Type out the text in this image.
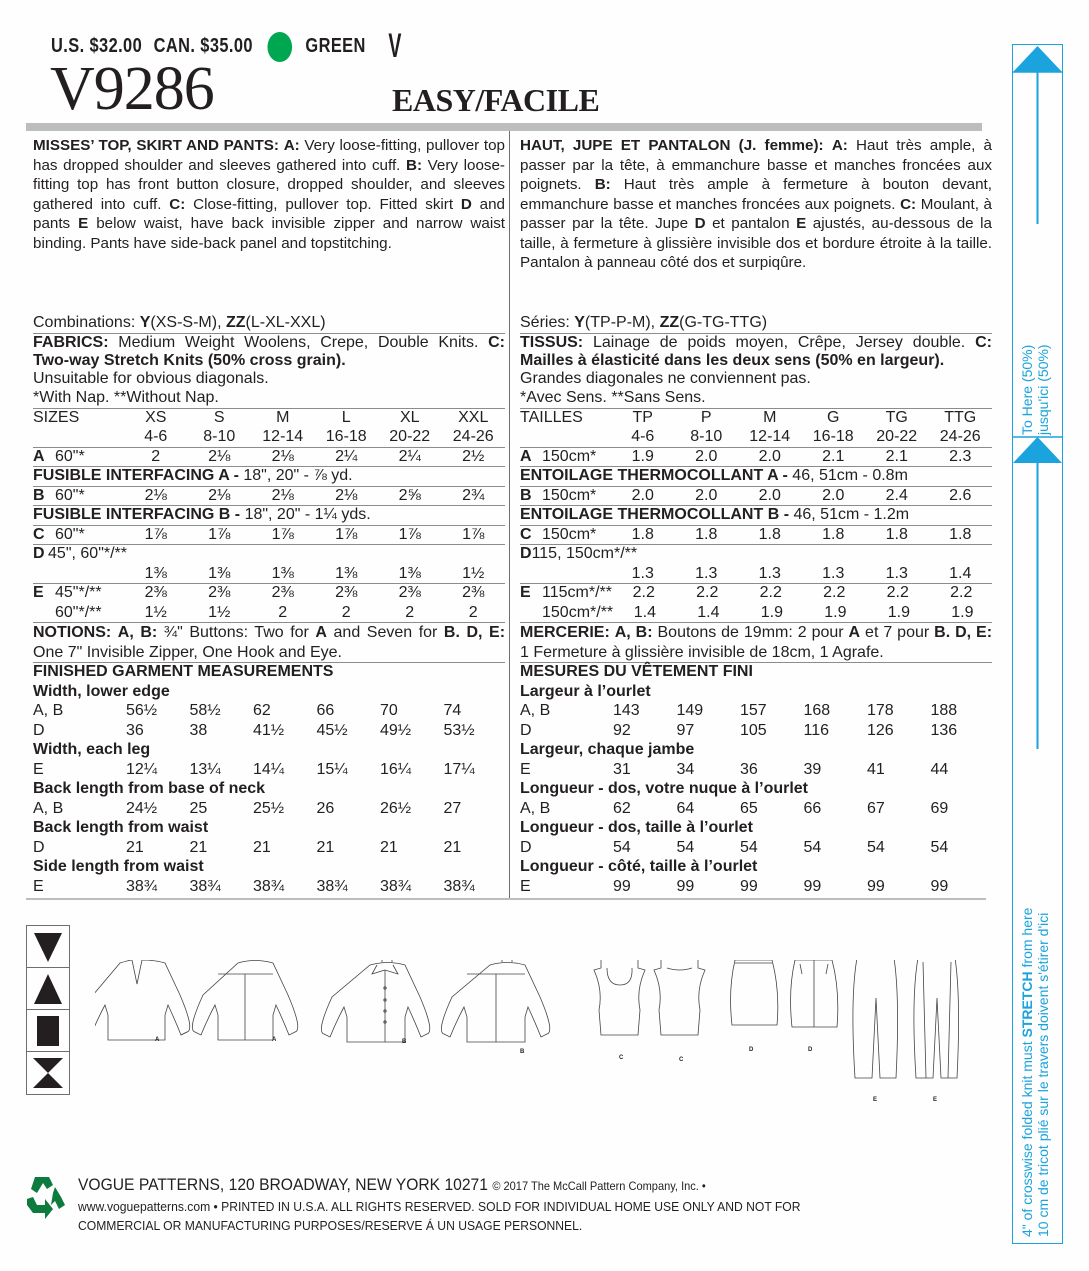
U.S. $32.00 CAN. $35.00	GREEN V
V9286	EASY/FACILE
MISSES’ TOP, SKIRT AND PANTS: A: Very loose-fitting, pullover top has dropped shoulder and sleeves gathered into cuff. B: Very loose-fitting top has front button closure, dropped shoulder, and sleeves gathered into cuff. C: Close-fitting, pullover top. Fitted skirt D and pants E below waist, have back invisible zipper and narrow waist binding. Pants have side-back panel and topstitching.
Combinations: Y(XS-S-M), ZZ(L-XL-XXL)
FABRICS: Medium Weight Woolens, Crepe, Double Knits. C: Two-way Stretch Knits (50% cross grain).
Unsuitable for obvious diagonals.
*With Nap. **Without Nap.
SIZES	XS	S	M	L	XL	XXL
4-6	8-10	12-14	16-18	20-22	24-26
A 60"*	2	2⅛	2⅛	2¼	2¼	2½
FUSIBLE INTERFACING A - 18", 20" - ⅞ yd.
B 60"*	2⅛	2⅛	2⅛	2⅛	2⅝	2¾
FUSIBLE INTERFACING B - 18", 20" - 1¼ yds.
C 60"*	1⅞	1⅞	1⅞	1⅞	1⅞	1⅞
D 45", 60"*/**
1⅜	1⅜	1⅜	1⅜	1⅜	1½
E 45"*/**	2⅜	2⅜	2⅜	2⅜	2⅜	2⅜
60"*/**	1½	1½	2	2	2	2
NOTIONS: A, B: ¾" Buttons: Two for A and Seven for B. D, E: One 7" Invisible Zipper, One Hook and Eye.
FINISHED GARMENT MEASUREMENTS
Width, lower edge
A, B	56½	58½	62	66	70	74
D	36	38	41½	45½	49½	53½
Width, each leg
E	12¼	13¼	14¼	15¼	16¼	17¼
Back length from base of neck
A, B	24½	25	25½	26	26½	27
Back length from waist
D	21	21	21	21	21	21
Side length from waist
E	38¾	38¾	38¾	38¾	38¾	38¾
HAUT, JUPE ET PANTALON (J. femme): A: Haut très ample, à passer par la tête, à emmanchure basse et manches froncées aux poignets. B: Haut très ample à fermeture à bouton devant, emmanchure basse et manches froncées aux poignets. C: Moulant, à passer par la tête. Jupe D et pantalon E ajustés, au-dessous de la taille, à fermeture à glissière invisible dos et bordure étroite à la taille. Pantalon à panneau côté dos et surpiqûre.
Séries: Y(TP-P-M), ZZ(G-TG-TTG)
TISSUS: Lainage de poids moyen, Crêpe, Jersey double. C: Mailles à élasticité dans les deux sens (50% en largeur).
Grandes diagonales ne conviennent pas.
*Avec Sens. **Sans Sens.
TAILLES	TP	P	M	G	TG	TTG
4-6	8-10	12-14	16-18	20-22	24-26
A 150cm*	1.9	2.0	2.0	2.1	2.1	2.3
ENTOILAGE THERMOCOLLANT A - 46, 51cm - 0.8m
B 150cm*	2.0	2.0	2.0	2.0	2.4	2.6
ENTOILAGE THERMOCOLLANT B - 46, 51cm - 1.2m
C 150cm*	1.8	1.8	1.8	1.8	1.8	1.8
D 115, 150cm*/**
1.3	1.3	1.3	1.3	1.3	1.4
E 115cm*/**	2.2	2.2	2.2	2.2	2.2	2.2
150cm*/**	1.4	1.4	1.9	1.9	1.9	1.9
MERCERIE: A, B: Boutons de 19mm: 2 pour A et 7 pour B. D, E: 1 Fermeture à glissière invisible de 18cm, 1 Agrafe.
MESURES DU VÊTEMENT FINI
Largeur à l’ourlet
A, B	143	149	157	168	178	188
D	92	97	105	116	126	136
Largeur, chaque jambe
E	31	34	36	39	41	44
Longueur - dos, votre nuque à l’ourlet
A, B	62	64	65	66	67	69
Longueur - dos, taille à l’ourlet
D	54	54	54	54	54	54
Longueur - côté, taille à l’ourlet
E	99	99	99	99	99	99
A	A	B
B
C	C
D	D
E	E
To Here (50%) jusqu'ici (50%)
4" of crosswise folded knit must STRETCH from here 10 cm de tricot plié sur le travers doivent s'étirer d'ici
VOGUE PATTERNS, 120 BROADWAY, NEW YORK 10271 © 2017 The McCall Pattern Company, Inc. •
www.voguepatterns.com • PRINTED IN U.S.A. ALL RIGHTS RESERVED. SOLD FOR INDIVIDUAL HOME USE ONLY AND NOT FOR
COMMERCIAL OR MANUFACTURING PURPOSES/RESERVE Á UN USAGE PERSONNEL.
